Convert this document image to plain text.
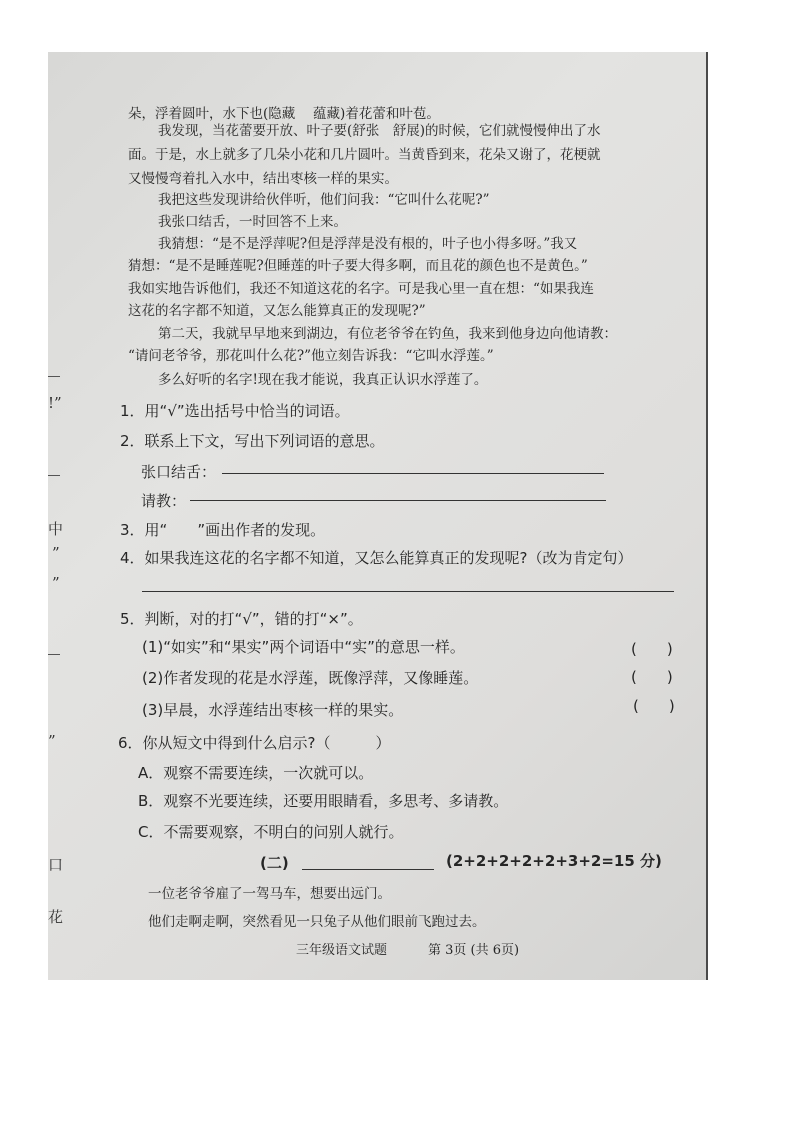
朵，浮着圆叶，水下也(隐藏　 蕴藏)着花蕾和叶苞。
我发现，当花蕾要开放、叶子要(舒张　舒展)的时候，它们就慢慢伸出了水
面。于是，水上就多了几朵小花和几片圆叶。当黄昏到来，花朵又谢了，花梗就
又慢慢弯着扎入水中，结出枣核一样的果实。
我把这些发现讲给伙伴听，他们问我：“它叫什么花呢?”
我张口结舌，一时回答不上来。
我猜想：“是不是浮萍呢?但是浮萍是没有根的，叶子也小得多呀。”我又
猜想：“是不是睡莲呢?但睡莲的叶子要大得多啊，而且花的颜色也不是黄色。”
我如实地告诉他们，我还不知道这花的名字。可是我心里一直在想：“如果我连
这花的名字都不知道，又怎么能算真正的发现呢?”
第二天，我就早早地来到湖边，有位老爷爷在钓鱼，我来到他身边向他请教：
“请问老爷爷，那花叫什么花?”他立刻告诉我：“它叫水浮莲。”
多么好听的名字!现在我才能说，我真正认识水浮莲了。
1．用“√”选出括号中恰当的词语。
2．联系上下文，写出下列词语的意思。
张口结舌：
请教：
3．用“　　”画出作者的发现。
4．如果我连这花的名字都不知道，又怎么能算真正的发现呢?（改为肯定句）
5．判断，对的打“√”，错的打“×”。
(1)“如实”和“果实”两个词语中“实”的意思一样。	(　　)
(2)作者发现的花是水浮莲，既像浮萍，又像睡莲。	(　　)
(3)早晨，水浮莲结出枣核一样的果实。	(　　)
6．你从短文中得到什么启示?（　　　）
A．观察不需要连续，一次就可以。
B．观察不光要连续，还要用眼睛看，多思考、多请教。
C．不需要观察，不明白的问别人就行。
(二)	(2+2+2+2+2+3+2=15 分)
一位老爷爷雇了一驾马车，想要出远门。
他们走啊走啊，突然看见一只兔子从他们眼前飞跑过去。
三年级语文试题	第 3页 (共 6页)
!”
中
”
”
”
口
花
